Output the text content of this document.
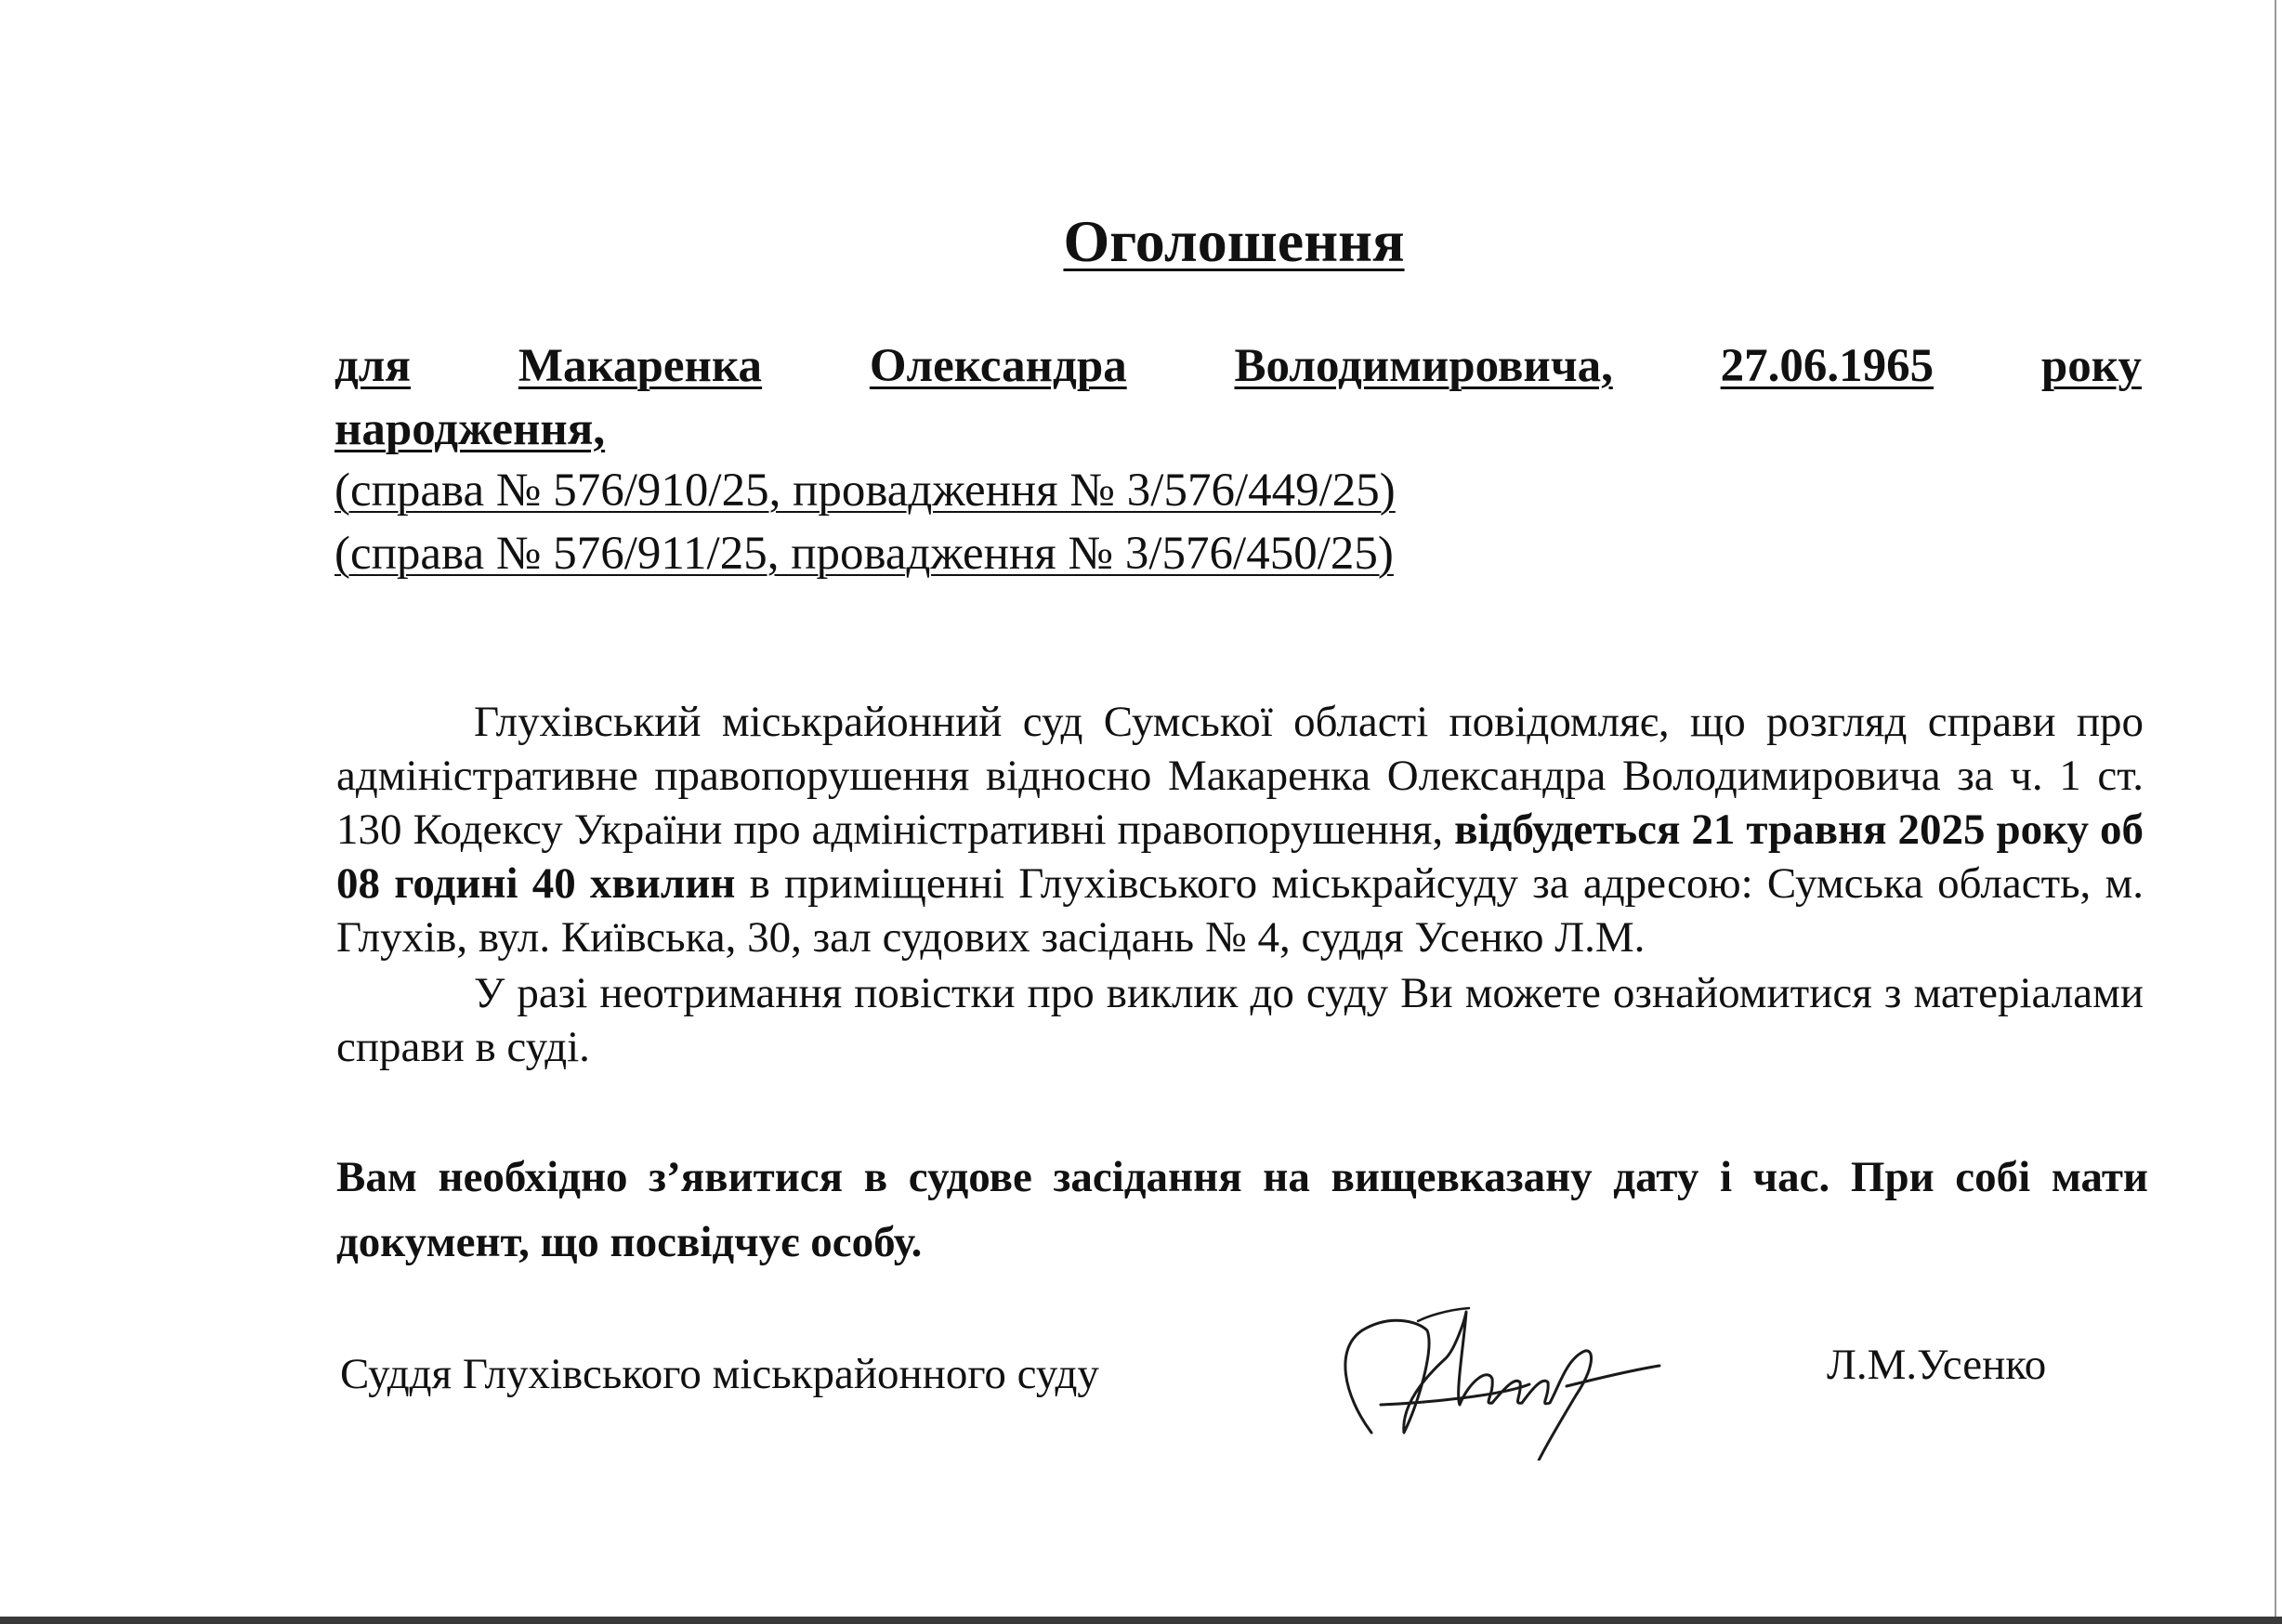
Оголошення
для Макаренка Олександра Володимировича, 27.06.1965 року
народження,
(справа № 576/910/25, провадження № 3/576/449/25)
(справа № 576/911/25, провадження № 3/576/450/25)

Глухівський міськрайонний суд Сумської області повідомляє, що розгляд справи про адміністративне правопорушення відносно Макаренка Олександра Володимировича за ч. 1 ст. 130 Кодексу України про адміністративні правопорушення, відбудеться 21 травня 2025 року об 08 годині 40 хвилин в приміщенні Глухівського міськрайсуду за адресою: Сумська область, м. Глухів, вул. Київська, 30, зал судових засідань № 4, суддя Усенко Л.М.

У разі неотримання повістки про виклик до суду Ви можете ознайомитися з матеріалами справи в суді.

Вам необхідно з’явитися в судове засідання на вищевказану дату і час. При собі мати документ, що посвідчує особу.
Суддя Глухівського міськрайонного суду	Л.М.Усенко
